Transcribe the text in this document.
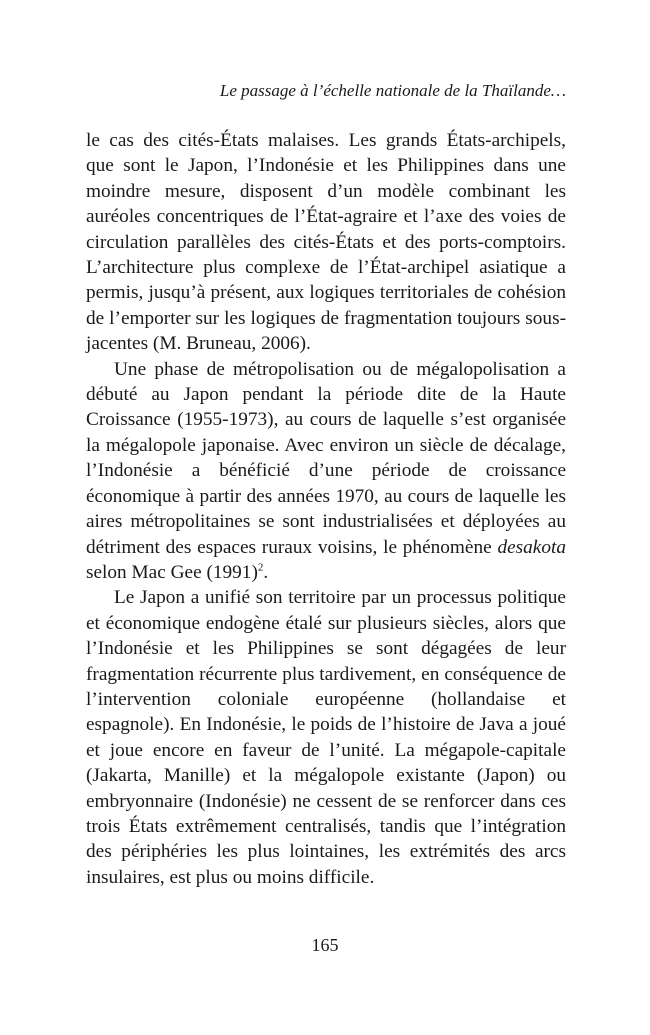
Le passage à l’échelle nationale de la Thaïlande…

le cas des cités-États malaises. Les grands États-archipels, que sont le Japon, l’Indonésie et les Philippines dans une moindre mesure, disposent d’un modèle combinant les auréoles concentriques de l’État-agraire et l’axe des voies de circulation parallèles des cités-États et des ports-comptoirs. L’architecture plus complexe de l’État-archipel asiatique a permis, jusqu’à présent, aux logiques territoriales de cohésion de l’emporter sur les logiques de fragmentation toujours sous-jacentes (M. Bruneau, 2006).

Une phase de métropolisation ou de mégalopolisation a débuté au Japon pendant la période dite de la Haute Croissance (1955-1973), au cours de laquelle s’est organisée la mégalopole japonaise. Avec environ un siècle de décalage, l’Indonésie a bénéficié d’une période de croissance économique à partir des années 1970, au cours de laquelle les aires métropolitaines se sont industrialisées et déployées au détriment des espaces ruraux voisins, le phénomène desakota selon Mac Gee $(1991)^2$.

Le Japon a unifié son territoire par un processus politique et économique endogène étalé sur plusieurs siècles, alors que l’Indonésie et les Philippines se sont dégagées de leur fragmentation récurrente plus tardivement, en conséquence de l’intervention coloniale européenne (hollandaise et espagnole). En Indonésie, le poids de l’histoire de Java a joué et joue encore en faveur de l’unité. La mégapole-capitale (Jakarta, Manille) et la mégalopole existante (Japon) ou embryonnaire (Indonésie) ne cessent de se renforcer dans ces trois États extrêmement centralisés, tandis que l’intégration des périphéries les plus lointaines, les extrémités des arcs insulaires, est plus ou moins difficile.

165
